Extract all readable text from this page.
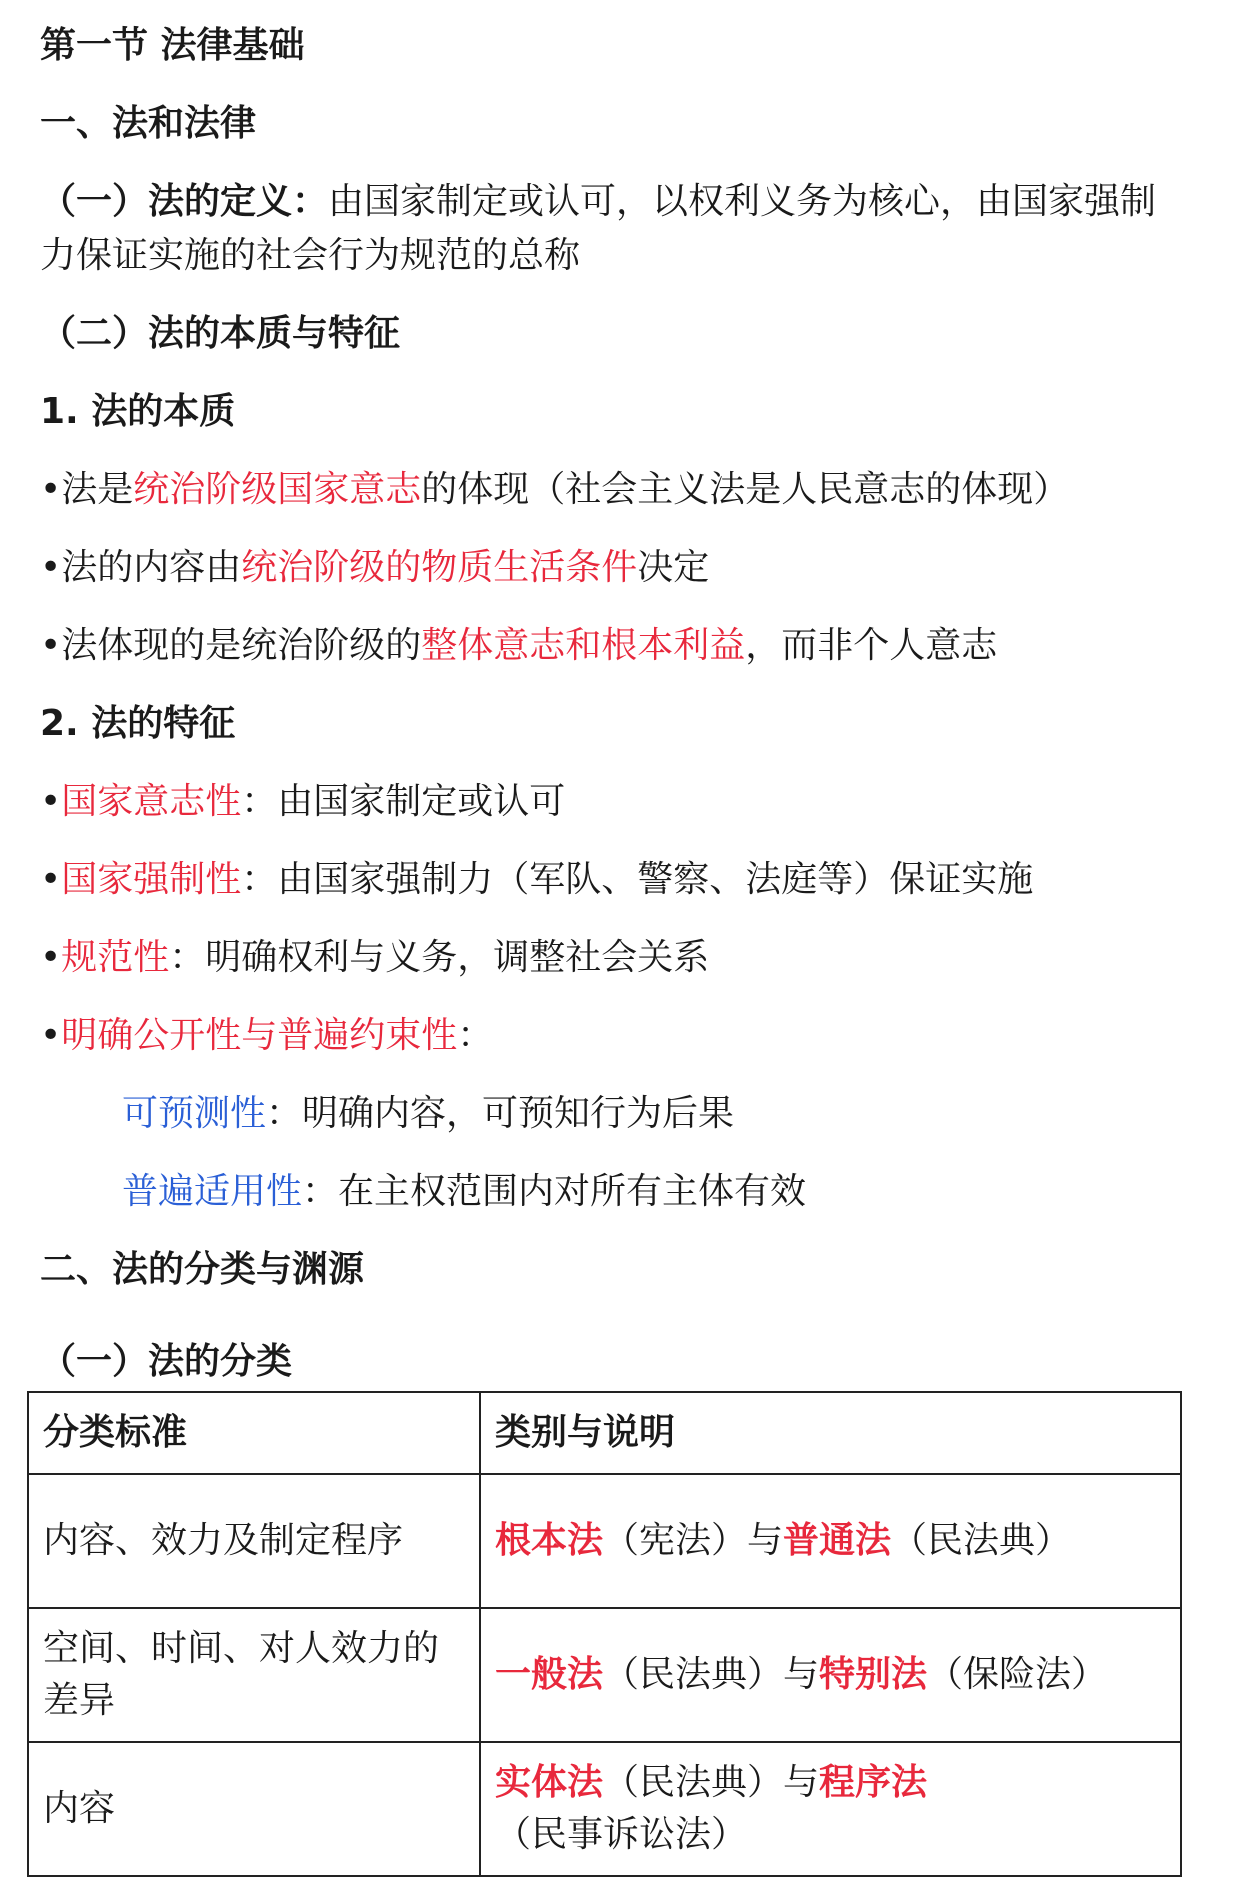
第一节 法律基础
一、法和法律
（一）法的定义：由国家制定或认可，以权利义务为核心，由国家强制
力保证实施的社会行为规范的总称
（二）法的本质与特征
1. 法的本质
•法是统治阶级国家意志的体现（社会主义法是人民意志的体现）
•法的内容由统治阶级的物质生活条件决定
•法体现的是统治阶级的整体意志和根本利益，而非个人意志
2. 法的特征
•国家意志性：由国家制定或认可
•国家强制性：由国家强制力（军队、警察、法庭等）保证实施
•规范性：明确权利与义务，调整社会关系
•明确公开性与普遍约束性：
可预测性：明确内容，可预知行为后果
普遍适用性：在主权范围内对所有主体有效
二、法的分类与渊源
（一）法的分类
分类标准	类别与说明
内容、效力及制定程序	根本法（宪法）与普通法（民法典）
空间、时间、对人效力的
差异	一般法（民法典）与特别法（保险法）
内容	实体法（民法典）与程序法（民事诉讼法）
